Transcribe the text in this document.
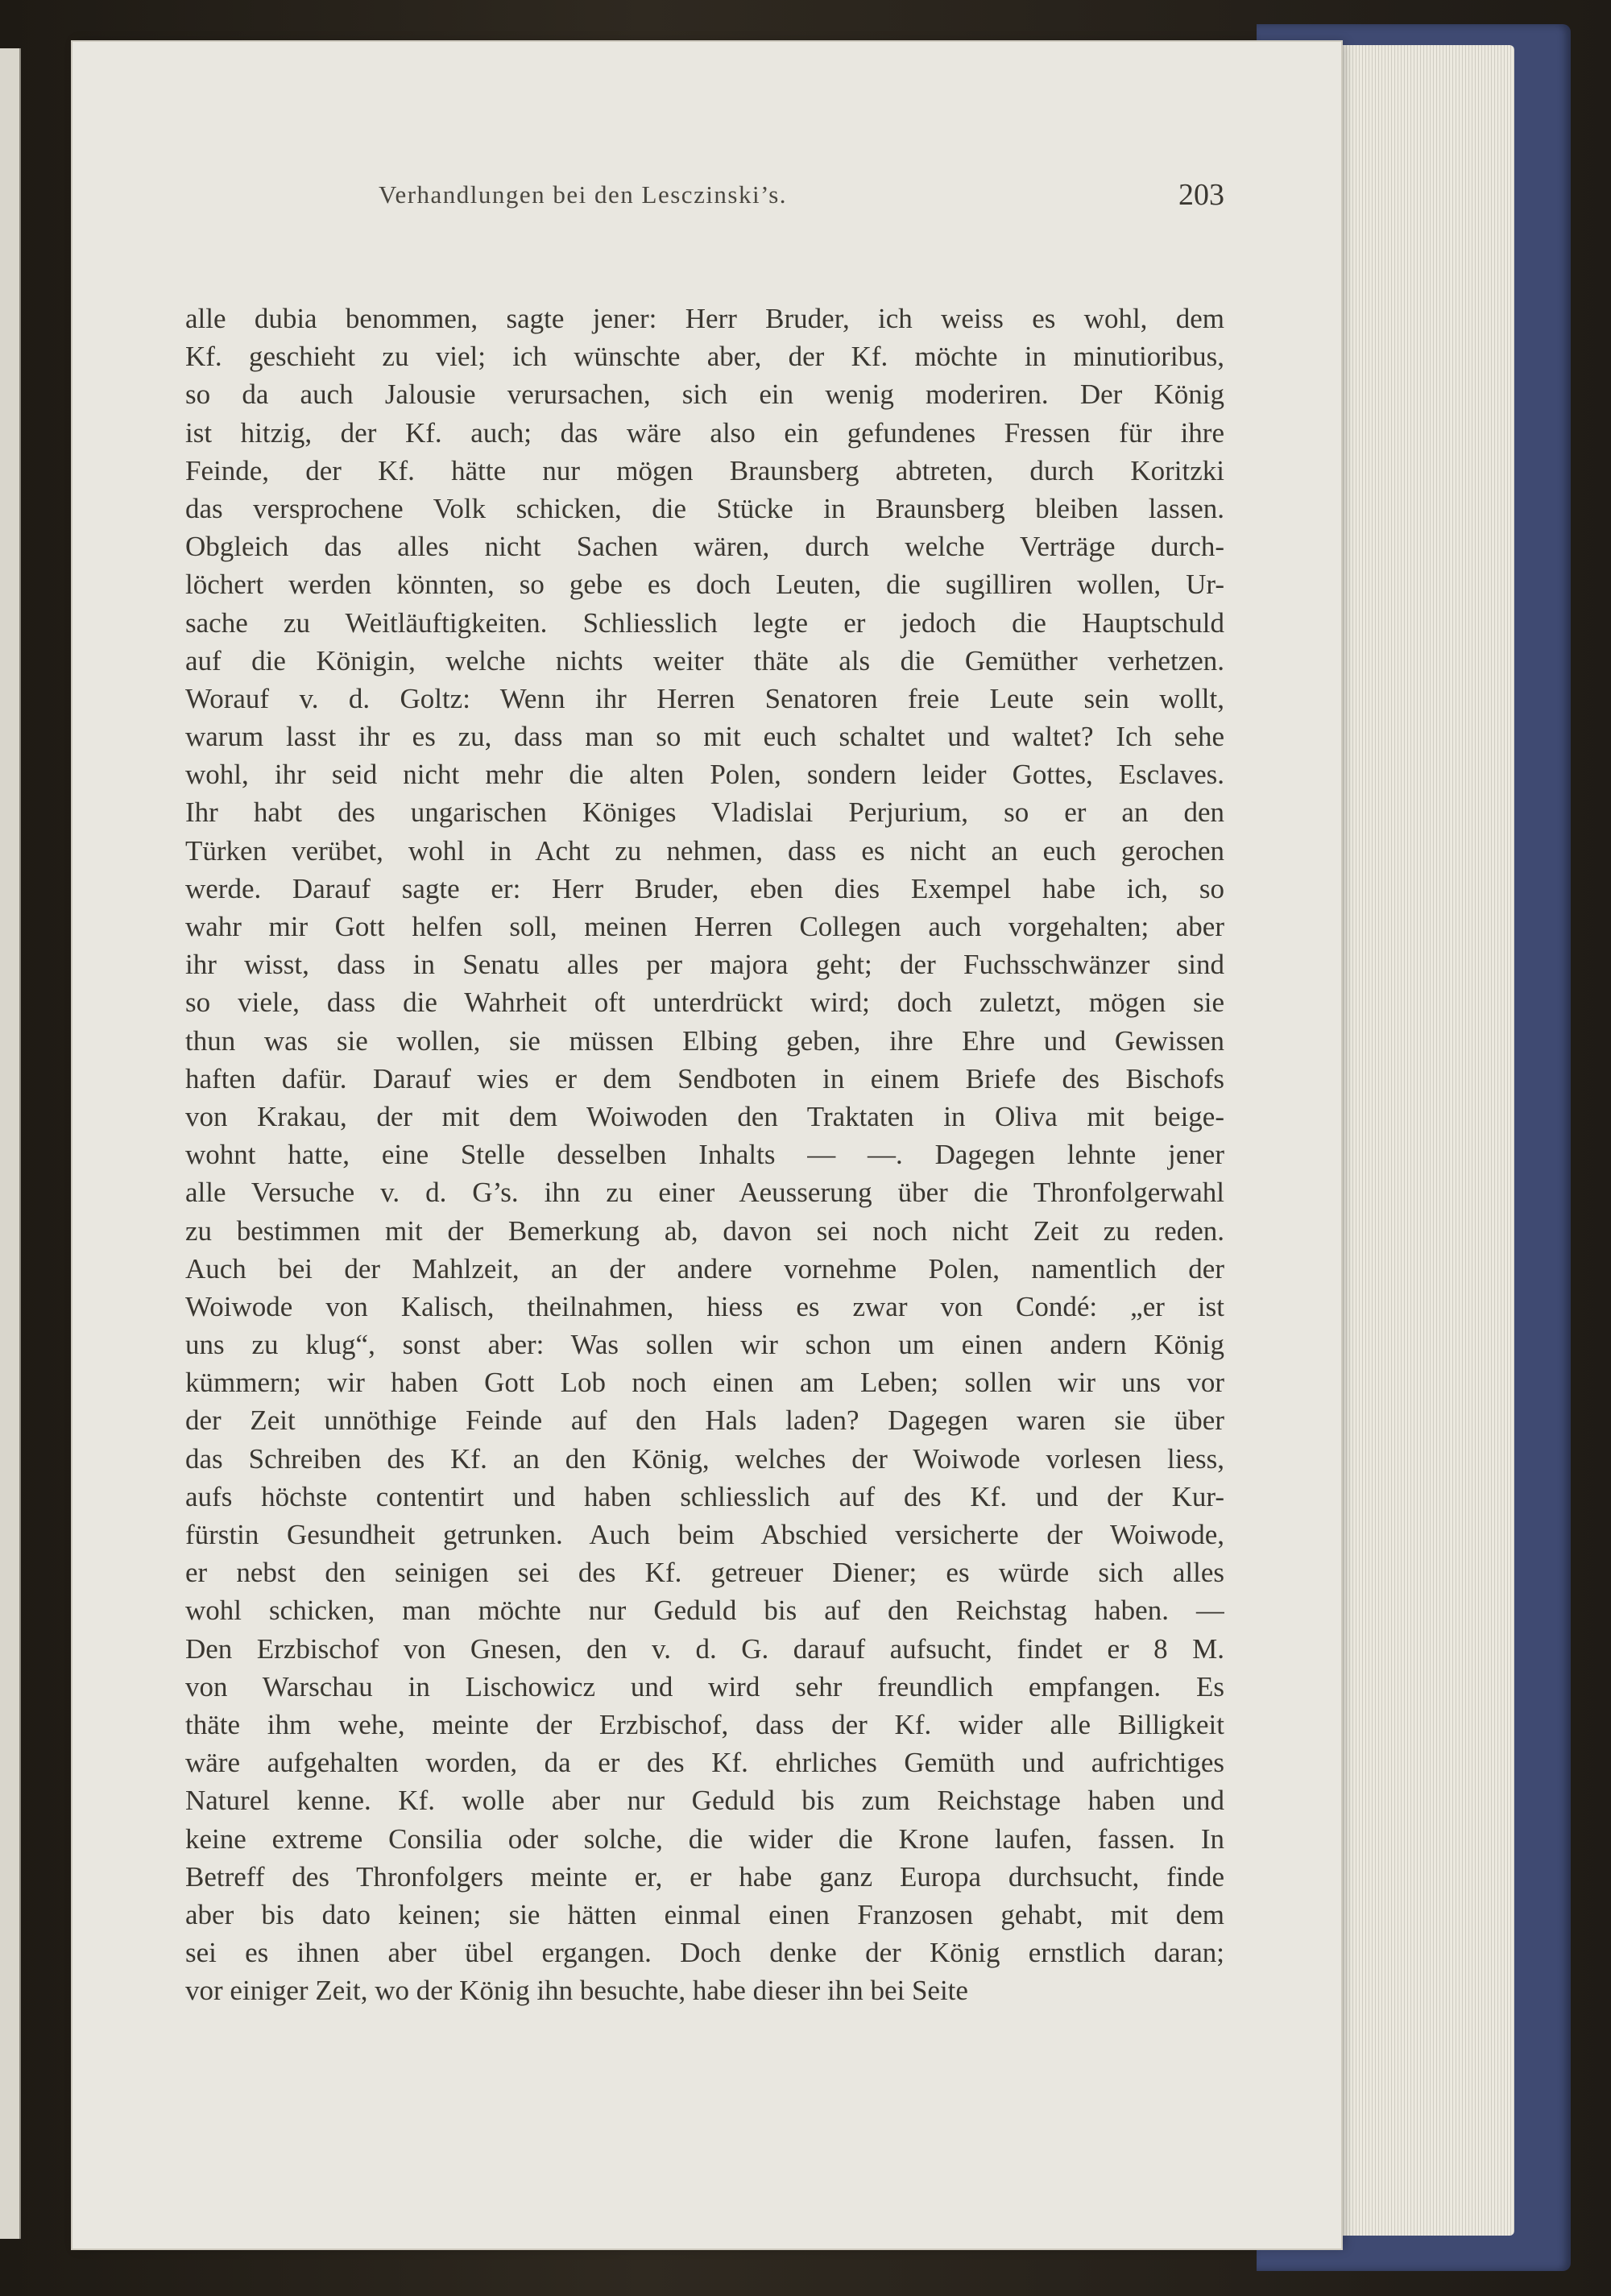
Verhandlungen bei den Lesczinski’s.	203
alle dubia benommen, sagte jener: Herr Bruder, ich weiss es wohl, dem
Kf. geschieht zu viel; ich wünschte aber, der Kf. möchte in minutioribus,
so da auch Jalousie verursachen, sich ein wenig moderiren. Der König
ist hitzig, der Kf. auch; das wäre also ein gefundenes Fressen für ihre
Feinde, der Kf. hätte nur mögen Braunsberg abtreten, durch Koritzki
das versprochene Volk schicken, die Stücke in Braunsberg bleiben lassen.
Obgleich das alles nicht Sachen wären, durch welche Verträge durch-
löchert werden könnten, so gebe es doch Leuten, die sugilliren wollen, Ur-
sache zu Weitläuftigkeiten. Schliesslich legte er jedoch die Hauptschuld
auf die Königin, welche nichts weiter thäte als die Gemüther verhetzen.
Worauf v. d. Goltz: Wenn ihr Herren Senatoren freie Leute sein wollt,
warum lasst ihr es zu, dass man so mit euch schaltet und waltet? Ich sehe
wohl, ihr seid nicht mehr die alten Polen, sondern leider Gottes, Esclaves.
Ihr habt des ungarischen Königes Vladislai Perjurium, so er an den
Türken verübet, wohl in Acht zu nehmen, dass es nicht an euch gerochen
werde. Darauf sagte er: Herr Bruder, eben dies Exempel habe ich, so
wahr mir Gott helfen soll, meinen Herren Collegen auch vorgehalten; aber
ihr wisst, dass in Senatu alles per majora geht; der Fuchsschwänzer sind
so viele, dass die Wahrheit oft unterdrückt wird; doch zuletzt, mögen sie
thun was sie wollen, sie müssen Elbing geben, ihre Ehre und Gewissen
haften dafür. Darauf wies er dem Sendboten in einem Briefe des Bischofs
von Krakau, der mit dem Woiwoden den Traktaten in Oliva mit beige-
wohnt hatte, eine Stelle desselben Inhalts — —. Dagegen lehnte jener
alle Versuche v. d. G’s. ihn zu einer Aeusserung über die Thronfolgerwahl
zu bestimmen mit der Bemerkung ab, davon sei noch nicht Zeit zu reden.
Auch bei der Mahlzeit, an der andere vornehme Polen, namentlich der
Woiwode von Kalisch, theilnahmen, hiess es zwar von Condé: „er ist
uns zu klug“, sonst aber: Was sollen wir schon um einen andern König
kümmern; wir haben Gott Lob noch einen am Leben; sollen wir uns vor
der Zeit unnöthige Feinde auf den Hals laden? Dagegen waren sie über
das Schreiben des Kf. an den König, welches der Woiwode vorlesen liess,
aufs höchste contentirt und haben schliesslich auf des Kf. und der Kur-
fürstin Gesundheit getrunken. Auch beim Abschied versicherte der Woiwode,
er nebst den seinigen sei des Kf. getreuer Diener; es würde sich alles
wohl schicken, man möchte nur Geduld bis auf den Reichstag haben. —
Den Erzbischof von Gnesen, den v. d. G. darauf aufsucht, findet er 8 M.
von Warschau in Lischowicz und wird sehr freundlich empfangen. Es
thäte ihm wehe, meinte der Erzbischof, dass der Kf. wider alle Billigkeit
wäre aufgehalten worden, da er des Kf. ehrliches Gemüth und aufrichtiges
Naturel kenne. Kf. wolle aber nur Geduld bis zum Reichstage haben und
keine extreme Consilia oder solche, die wider die Krone laufen, fassen. In
Betreff des Thronfolgers meinte er, er habe ganz Europa durchsucht, finde
aber bis dato keinen; sie hätten einmal einen Franzosen gehabt, mit dem
sei es ihnen aber übel ergangen. Doch denke der König ernstlich daran;
vor einiger Zeit, wo der König ihn besuchte, habe dieser ihn bei Seite
